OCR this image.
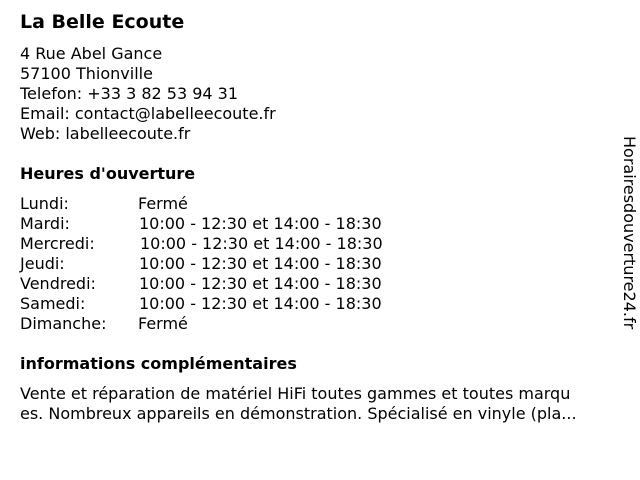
La Belle Ecoute
4 Rue Abel Gance
57100 Thionville
Telefon: +33 3 82 53 94 31
Email: contact@labelleecoute.fr
Web: labelleecoute.fr
Heures d'ouverture
Lundi:	Fermé
Mardi:	10:00 - 12:30 et 14:00 - 18:30
Mercredi:	10:00 - 12:30 et 14:00 - 18:30
Jeudi:	10:00 - 12:30 et 14:00 - 18:30
Vendredi:	10:00 - 12:30 et 14:00 - 18:30
Samedi:	10:00 - 12:30 et 14:00 - 18:30
Dimanche: Fermé
informations complémentaires
Vente et réparation de matériel HiFi toutes gammes et toutes marqu
es. Nombreux appareils en démonstration. Spécialisé en vinyle (pla...
Horairesdouverture24.fr
